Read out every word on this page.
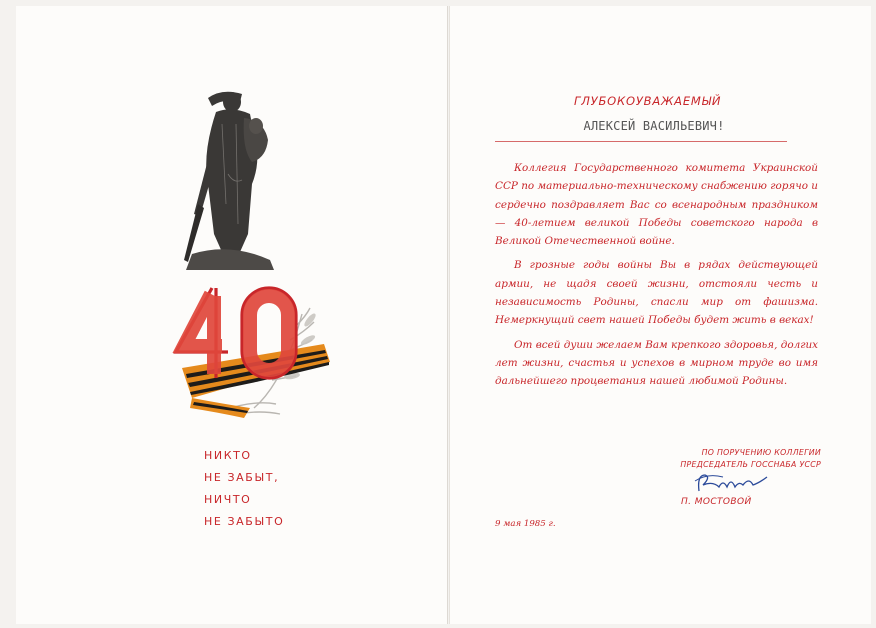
НИКТО
НЕ ЗАБЫТ,
НИЧТО
НЕ ЗАБЫТО
ГЛУБОКОУВАЖАЕМЫЙ
АЛЕКСЕЙ ВАСИЛЬЕВИЧ!

Коллегия Государственного комитета Украинской ССР по материально-техническому снабжению горячо и сердечно поздравляет Вас со всенародным праздником — 40-летием великой Победы советского народа в Великой Отечественной войне.

В грозные годы войны Вы в рядах действующей армии, не щадя своей жизни, отстояли честь и независимость Родины, спасли мир от фашизма. Немеркнущий свет нашей Победы будет жить в веках!

От всей души желаем Вам крепкого здоровья, долгих лет жизни, счастья и успехов в мирном труде во имя дальнейшего процветания нашей любимой Родины.

ПО ПОРУЧЕНИЮ КОЛЛЕГИИ
ПРЕДСЕДАТЕЛЬ ГОССНАБА УССР
П. МОСТОВОЙ
9 мая 1985 г.
